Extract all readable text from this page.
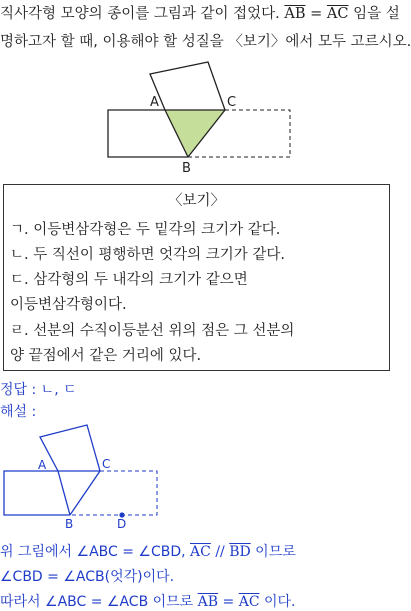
직사각형 모양의 종이를 그림과 같이 접었다. $\overline{AB} = \overline{AC}$ 임을 설
명하고자 할 때, 이용해야 할 성질을 〈보기〉에서 모두 고르시오.
A	C
B
〈보기〉
ㄱ. 이등변삼각형은 두 밑각의 크기가 같다.
ㄴ. 두 직선이 평행하면 엇각의 크기가 같다.
ㄷ. 삼각형의 두 내각의 크기가 같으면
이등변삼각형이다.
ㄹ. 선분의 수직이등분선 위의 점은 그 선분의
양 끝점에서 같은 거리에 있다.
정답 : ㄴ, ㄷ
해설 :
A	C
B	D
위 그림에서 ∠ABC = ∠CBD, $\overline{AC} // \overline{BD}$ 이므로
∠CBD = ∠ACB(엇각)이다.
따라서 ∠ABC = ∠ACB 이므로 $\overline{AB} = \overline{AC}$ 이다.
